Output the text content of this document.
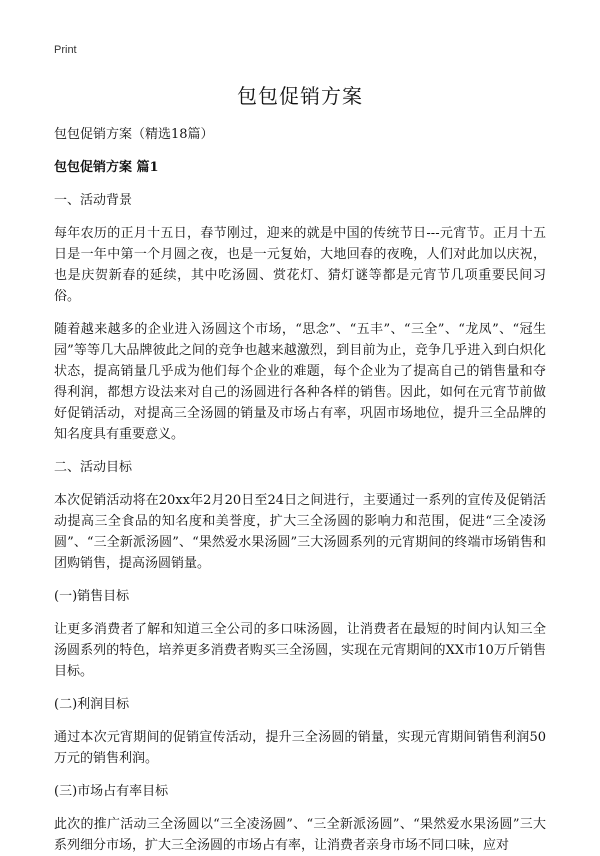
Print
包包促销方案

包包促销方案（精选18篇）

包包促销方案 篇1

一、活动背景

每年农历的正月十五日，春节刚过，迎来的就是中国的传统节日---元宵节。正月十五日是一年中第一个月圆之夜，也是一元复始，大地回春的夜晚，人们对此加以庆祝，也是庆贺新春的延续，其中吃汤圆、赏花灯、猜灯谜等都是元宵节几项重要民间习俗。

随着越来越多的企业进入汤圆这个市场，“思念”、“五丰”、“三全”、“龙凤”、“冠生园”等等几大品牌彼此之间的竞争也越来越激烈，到目前为止，竞争几乎进入到白炽化状态，提高销量几乎成为他们每个企业的难题，每个企业为了提高自己的销售量和夺得利润，都想方设法来对自己的汤圆进行各种各样的销售。因此，如何在元宵节前做好促销活动，对提高三全汤圆的销量及市场占有率，巩固市场地位，提升三全品牌的知名度具有重要意义。

二、活动目标

本次促销活动将在20xx年2月20日至24日之间进行，主要通过一系列的宣传及促销活动提高三全食品的知名度和美誉度，扩大三全汤圆的影响力和范围，促进“三全凌汤圆”、“三全新派汤圆”、“果然爱水果汤圆”三大汤圆系列的元宵期间的终端市场销售和团购销售，提高汤圆销量。

(一)销售目标

让更多消费者了解和知道三全公司的多口味汤圆，让消费者在最短的时间内认知三全汤圆系列的特色，培养更多消费者购买三全汤圆，实现在元宵期间的XX市10万斤销售目标。

(二)利润目标

通过本次元宵期间的促销宣传活动，提升三全汤圆的销量，实现元宵期间销售利润50万元的销售利润。

(三)市场占有率目标

此次的推广活动三全汤圆以“三全凌汤圆”、“三全新派汤圆”、“果然爱水果汤圆”三大系列细分市场，扩大三全汤圆的市场占有率，让消费者亲身市场不同口味，应对
